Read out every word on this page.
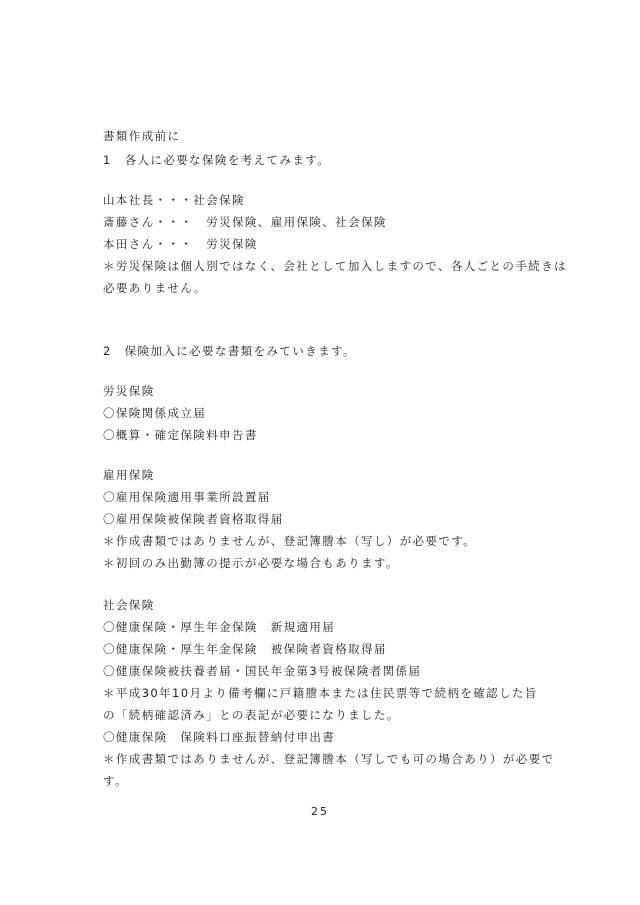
書類作成前に

1　各人に必要な保険を考えてみます。

山本社長・・・社会保険

斎藤さん・・・　労災保険、雇用保険、社会保険

本田さん・・・　労災保険

＊労災保険は個人別ではなく、会社として加入しますので、各人ごとの手続きは

必要ありません。

2　保険加入に必要な書類をみていきます。

労災保険

〇保険関係成立届

〇概算・確定保険料申告書

雇用保険

〇雇用保険適用事業所設置届

〇雇用保険被保険者資格取得届

＊作成書類ではありませんが、登記簿謄本（写し）が必要です。

＊初回のみ出勤簿の提示が必要な場合もあります。

社会保険

〇健康保険・厚生年金保険　新規適用届

〇健康保険・厚生年金保険　被保険者資格取得届

〇健康保険被扶養者届・国民年金第3号被保険者関係届

＊平成30年10月より備考欄に戸籍謄本または住民票等で続柄を確認した旨

の「続柄確認済み」との表記が必要になりました。

〇健康保険　保険料口座振替納付申出書

＊作成書類ではありませんが、登記簿謄本（写しでも可の場合あり）が必要で

す。

25
